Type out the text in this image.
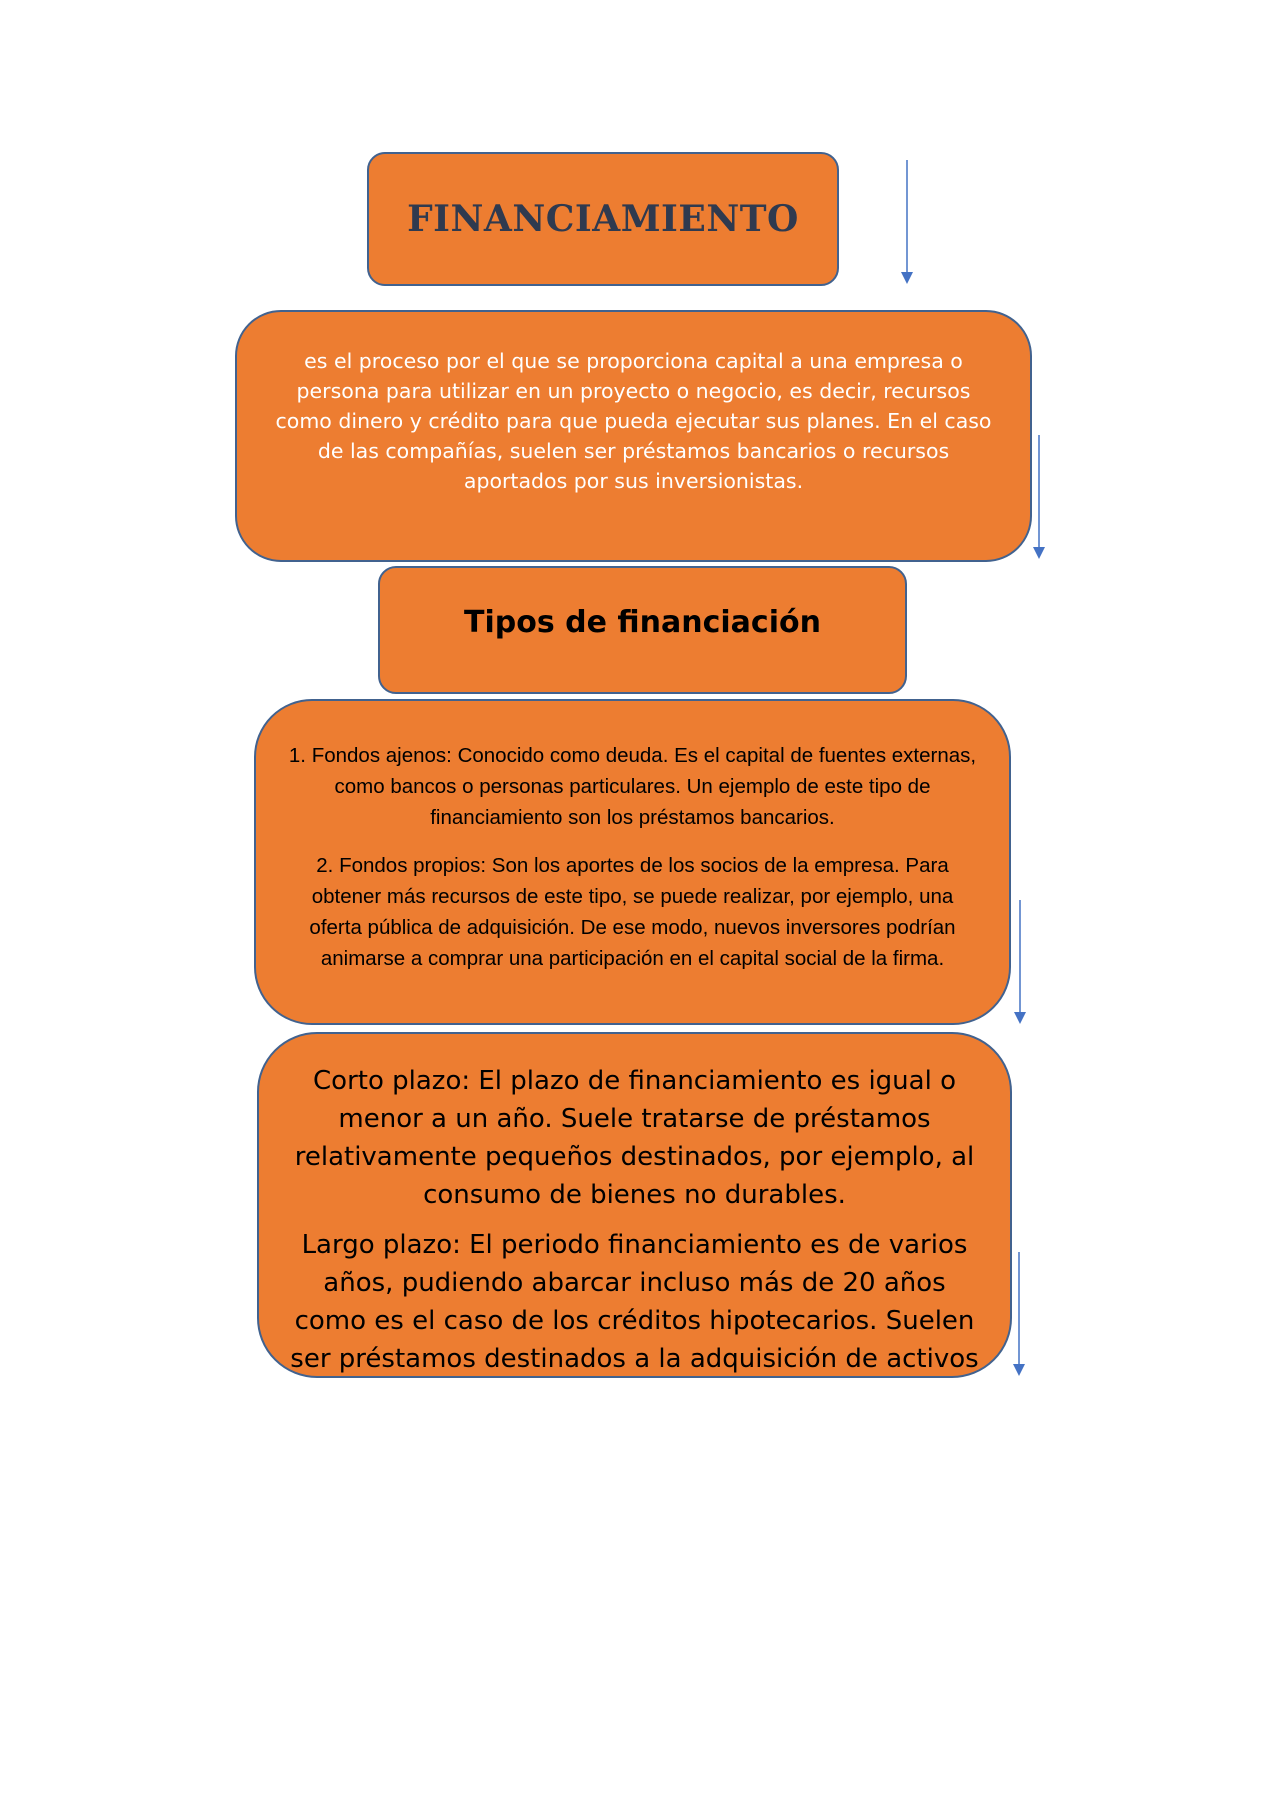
FINANCIAMIENTO

es el proceso por el que se proporciona capital a una empresa o persona para utilizar en un proyecto o negocio, es decir, recursos como dinero y crédito para que pueda ejecutar sus planes. En el caso de las compañías, suelen ser préstamos bancarios o recursos aportados por sus inversionistas.

Tipos de financiación

1. Fondos ajenos: Conocido como deuda. Es el capital de fuentes externas, como bancos o personas particulares. Un ejemplo de este tipo de financiamiento son los préstamos bancarios.

2. Fondos propios: Son los aportes de los socios de la empresa. Para obtener más recursos de este tipo, se puede realizar, por ejemplo, una oferta pública de adquisición. De ese modo, nuevos inversores podrían animarse a comprar una participación en el capital social de la firma.

Corto plazo: El plazo de financiamiento es igual o
menor a un año. Suele tratarse de préstamos
relativamente pequeños destinados, por ejemplo, al
consumo de bienes no durables.

Largo plazo: El periodo financiamiento es de varios
años, pudiendo abarcar incluso más de 20 años
como es el caso de los créditos hipotecarios. Suelen
ser préstamos destinados a la adquisición de activos
